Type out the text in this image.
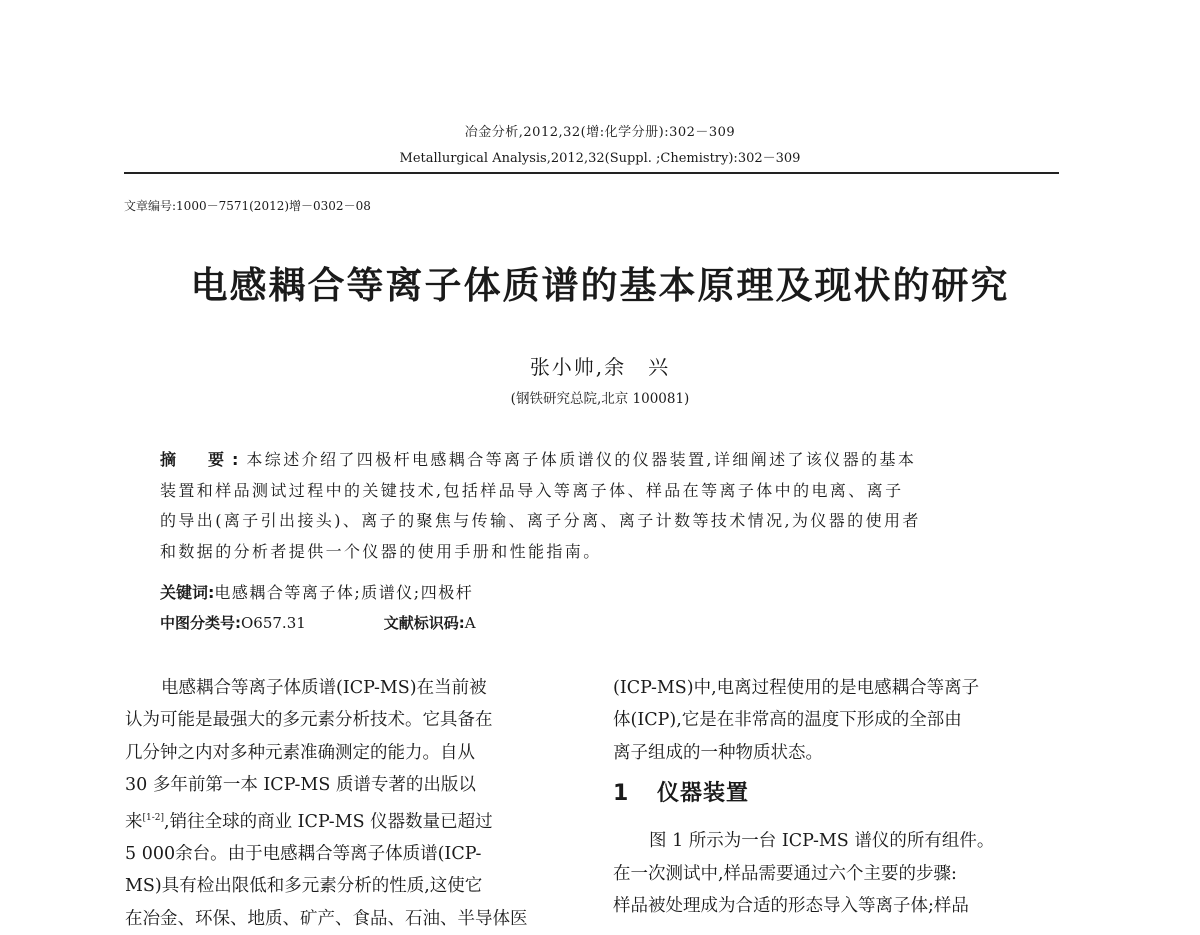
冶金分析,2012,32(增:化学分册):302－309
Metallurgical Analysis,2012,32(Suppl. ;Chemistry):302－309
文章编号:1000－7571(2012)增－0302－08
电感耦合等离子体质谱的基本原理及现状的研究
张小帅,余　兴
(钢铁研究总院,北京 100081)
摘　要:本综述介绍了四极杆电感耦合等离子体质谱仪的仪器装置,详细阐述了该仪器的基本
装置和样品测试过程中的关键技术,包括样品导入等离子体、样品在等离子体中的电离、离子
的导出(离子引出接头)、离子的聚焦与传输、离子分离、离子计数等技术情况,为仪器的使用者
和数据的分析者提供一个仪器的使用手册和性能指南。
关键词:电感耦合等离子体;质谱仪;四极杆
中图分类号:O657.31	文献标识码:A
电感耦合等离子体质谱(ICP-MS)在当前被
认为可能是最强大的多元素分析技术。它具备在
几分钟之内对多种元素准确测定的能力。自从
30 多年前第一本 ICP-MS 质谱专著的出版以
来[1-2],销往全球的商业 ICP-MS 仪器数量已超过
5 000余台。由于电感耦合等离子体质谱(ICP-
MS)具有检出限低和多元素分析的性质,这使它
在冶金、环保、地质、矿产、食品、石油、半导体医
(ICP-MS)中,电离过程使用的是电感耦合等离子
体(ICP),它是在非常高的温度下形成的全部由
离子组成的一种物质状态。
1 仪器装置
图 1 所示为一台 ICP-MS 谱仪的所有组件。
在一次测试中,样品需要通过六个主要的步骤:
样品被处理成为合适的形态导入等离子体;样品
